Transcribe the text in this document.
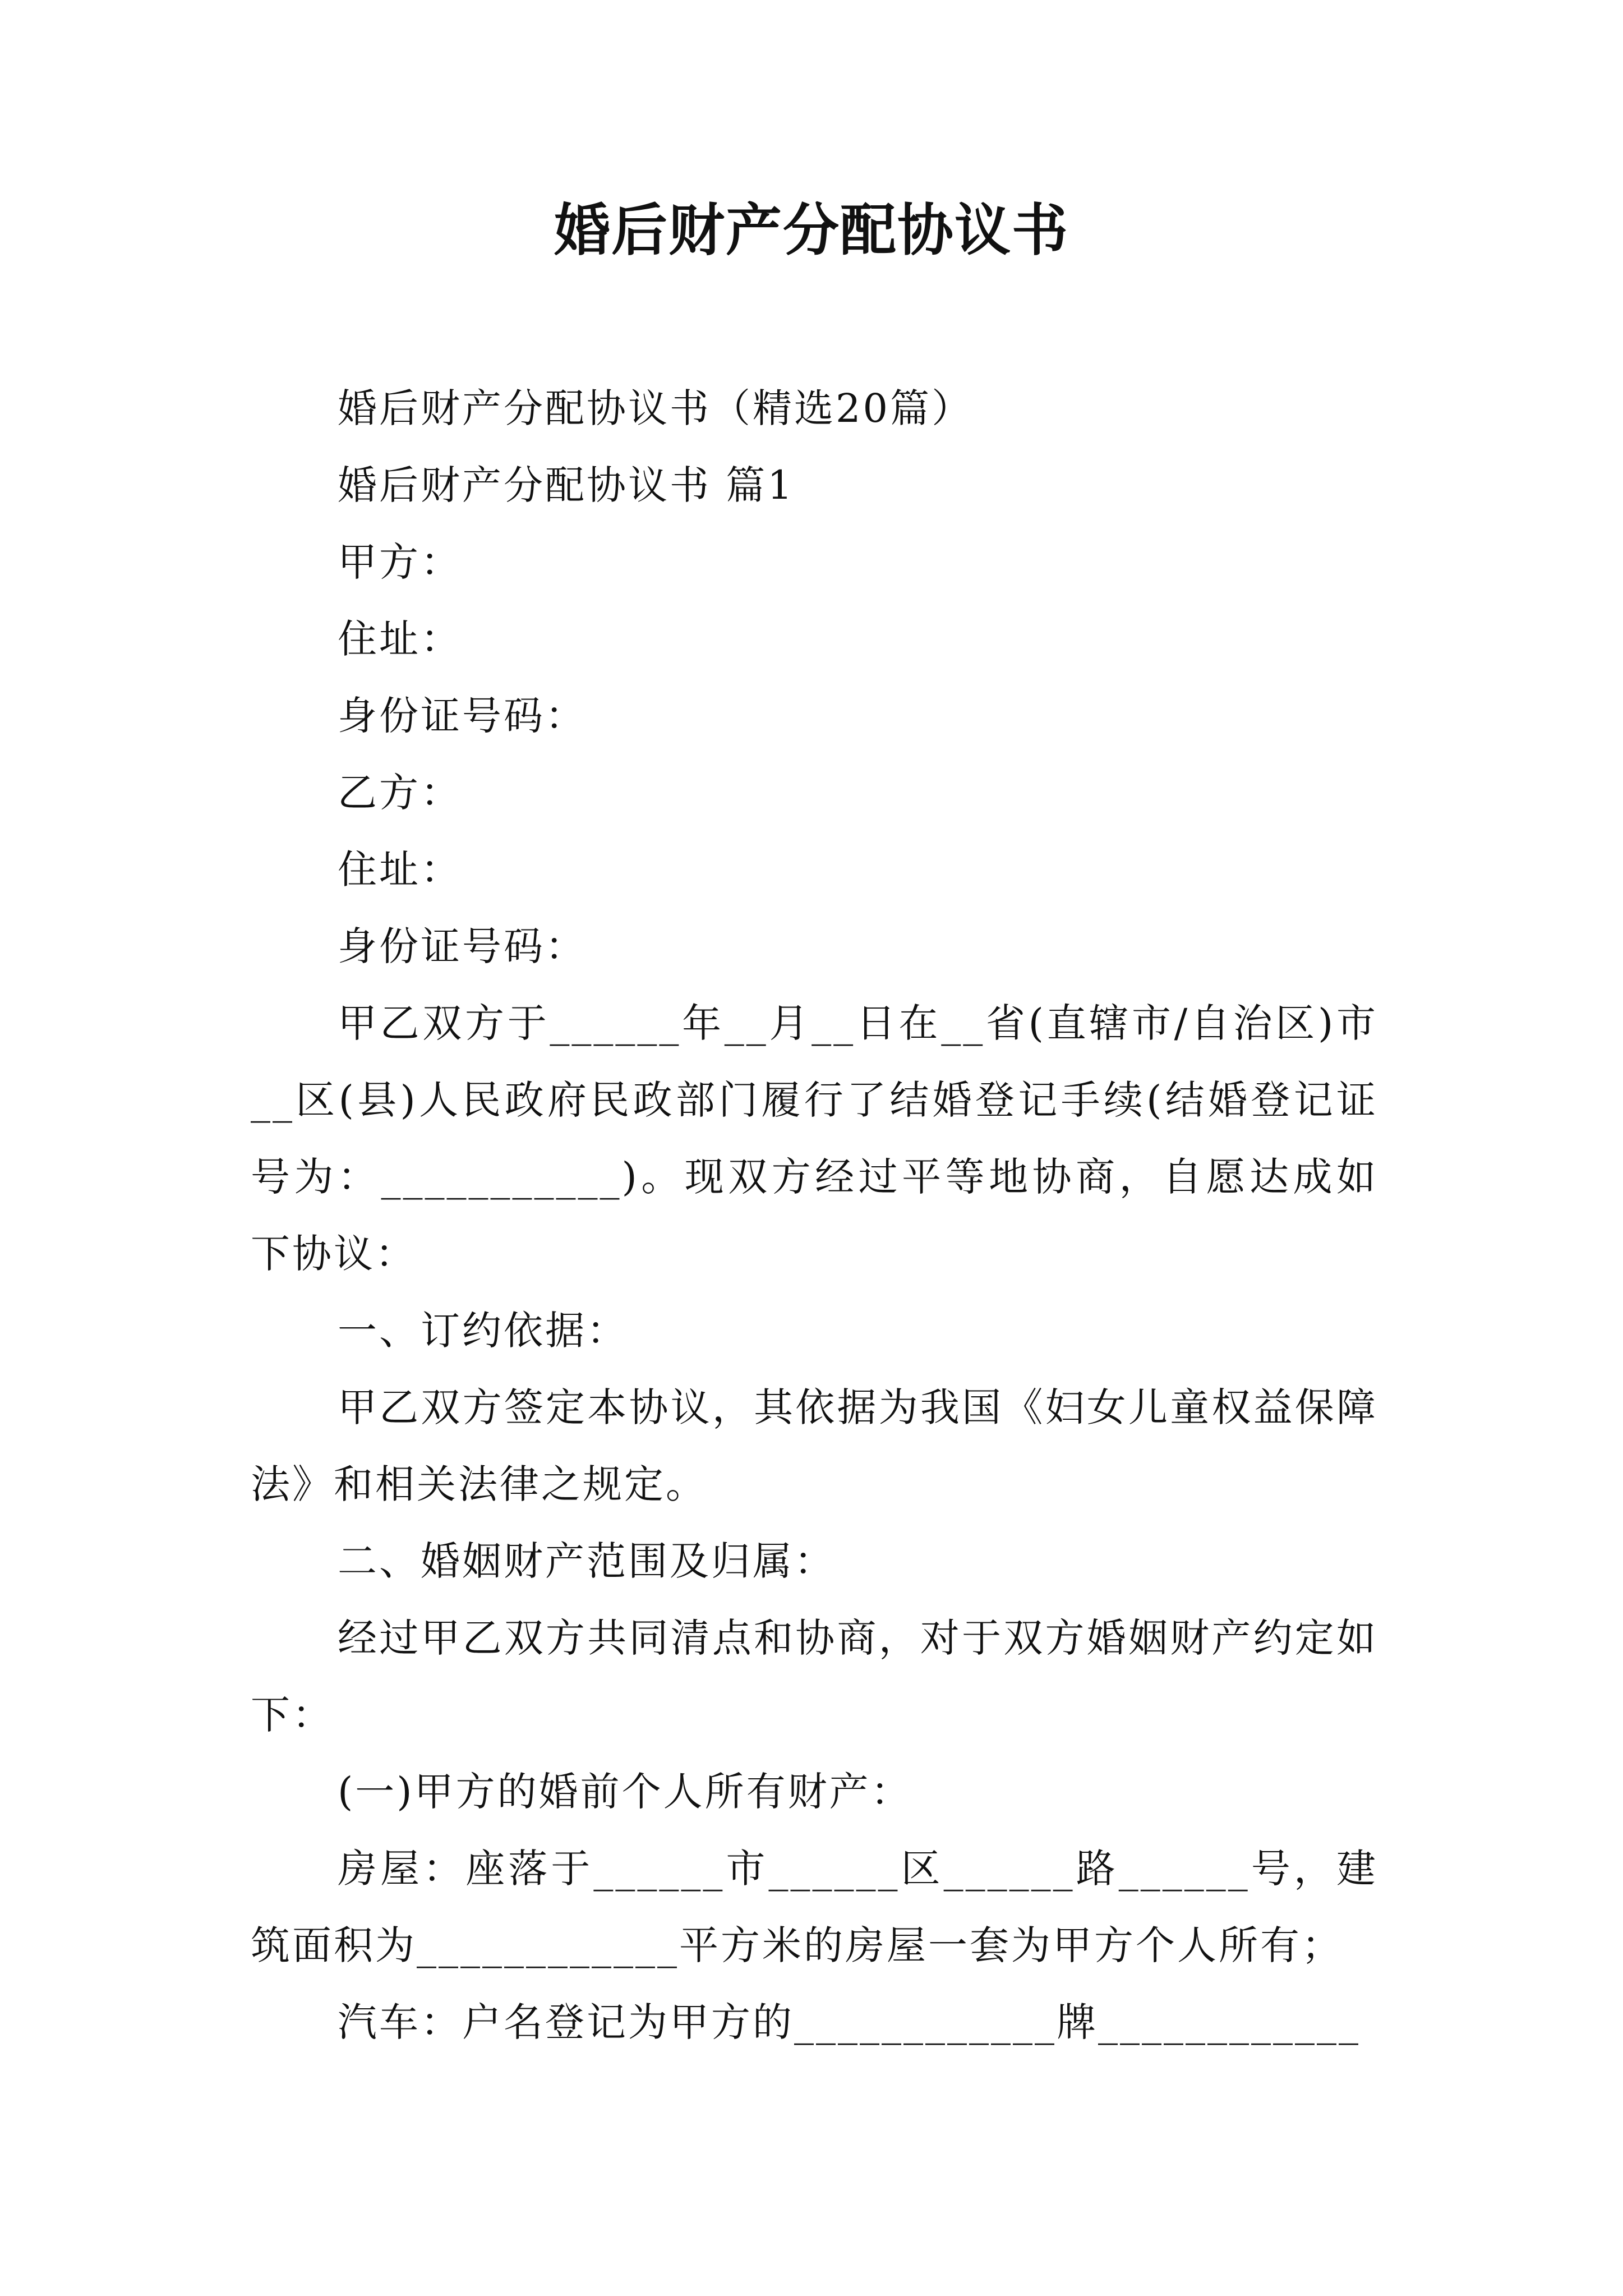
婚后财产分配协议书
婚后财产分配协议书（精选20篇）
婚后财产分配协议书 篇1
甲方：
住址：
身份证号码：
乙方：
住址：
身份证号码：
甲乙双方于______年__月__日在__省(直辖市/自治区)市__区(县)人民政府民政部门履行了结婚登记手续(结婚登记证号为：___________)。现双方经过平等地协商，自愿达成如下协议：
一、订约依据：
甲乙双方签定本协议，其依据为我国《妇女儿童权益保障法》和相关法律之规定。
二、婚姻财产范围及归属：
经过甲乙双方共同清点和协商，对于双方婚姻财产约定如下：
(一)甲方的婚前个人所有财产：
房屋：座落于______市______区______路______号，建筑面积为____________平方米的房屋一套为甲方个人所有；
汽车：户名登记为甲方的____________牌____________
